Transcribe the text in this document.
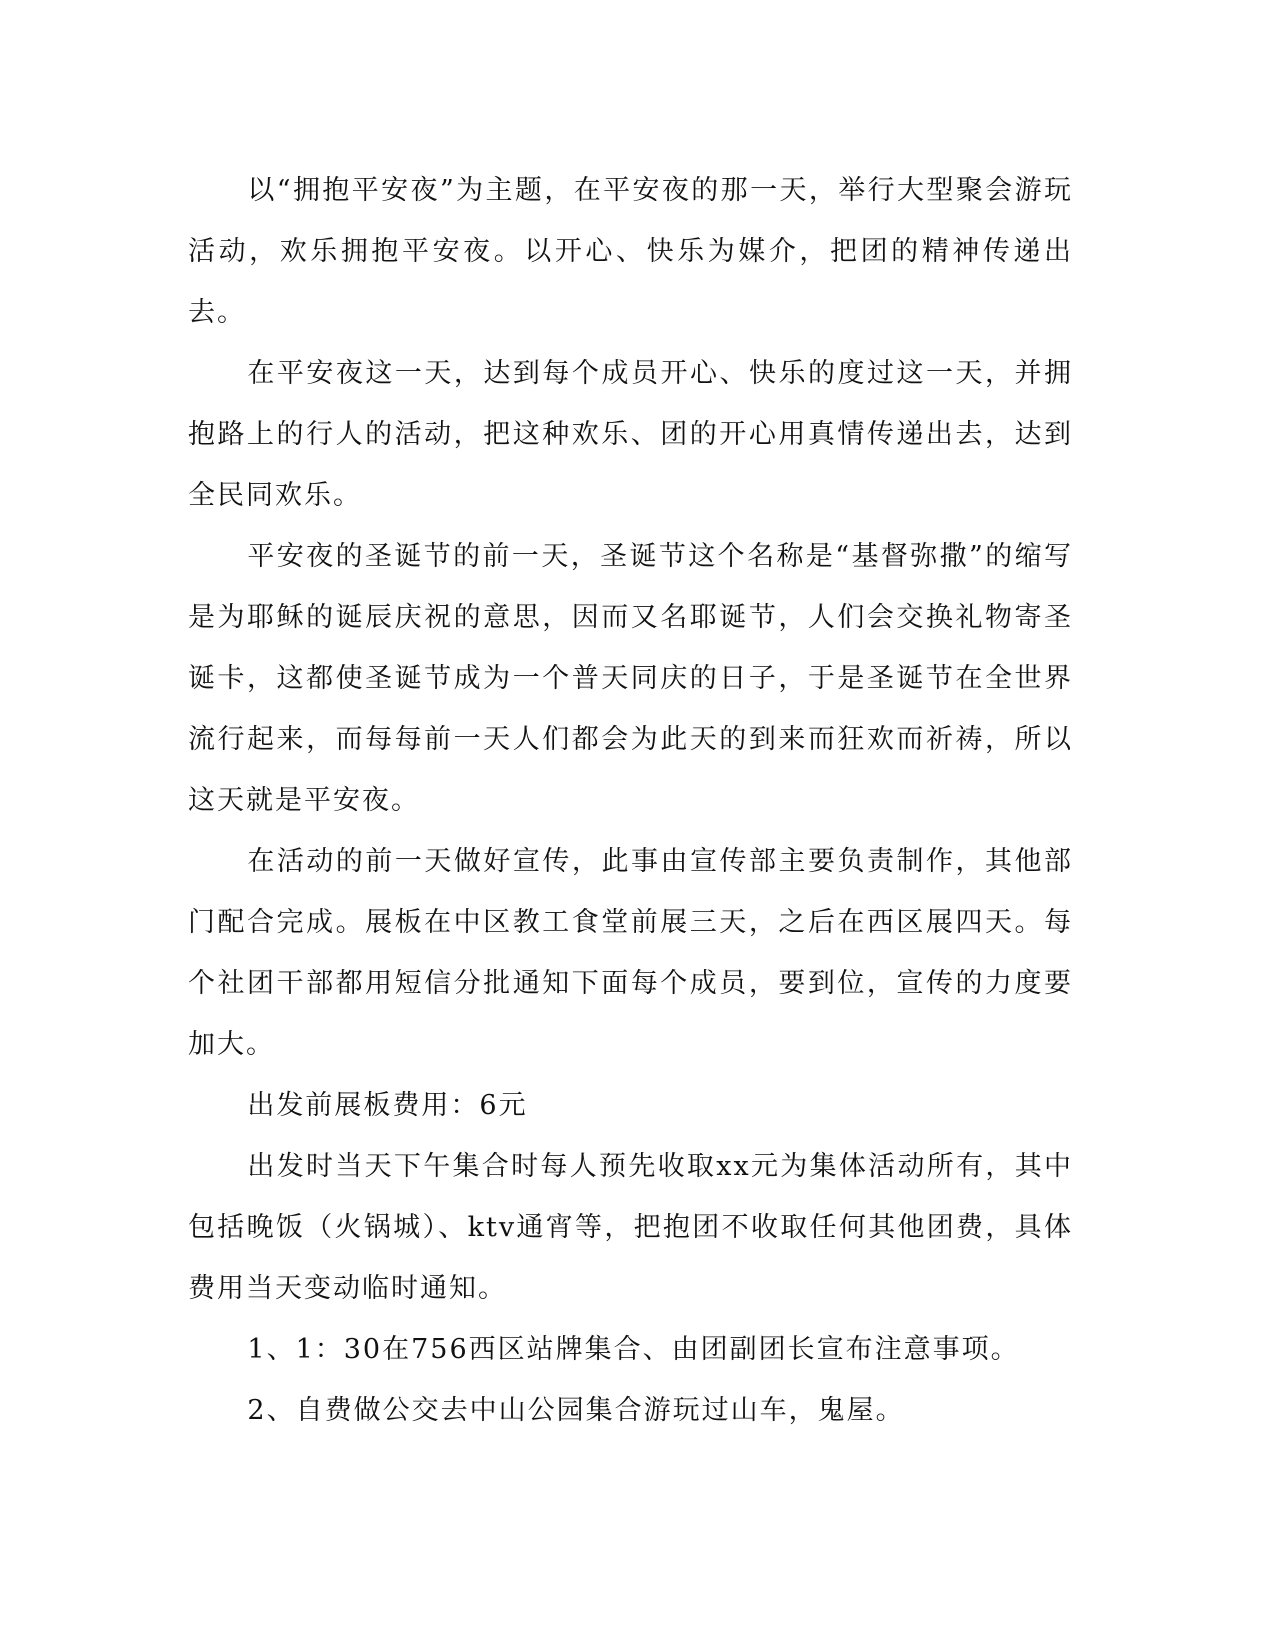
以“拥抱平安夜”为主题，在平安夜的那一天，举行大型聚会游玩活动，欢乐拥抱平安夜。以开心、快乐为媒介，把团的精神传递出去。

在平安夜这一天，达到每个成员开心、快乐的度过这一天，并拥抱路上的行人的活动，把这种欢乐、团的开心用真情传递出去，达到全民同欢乐。

平安夜的圣诞节的前一天，圣诞节这个名称是“基督弥撒”的缩写是为耶稣的诞辰庆祝的意思，因而又名耶诞节，人们会交换礼物寄圣诞卡，这都使圣诞节成为一个普天同庆的日子，于是圣诞节在全世界流行起来，而每每前一天人们都会为此天的到来而狂欢而祈祷，所以这天就是平安夜。

在活动的前一天做好宣传，此事由宣传部主要负责制作，其他部门配合完成。展板在中区教工食堂前展三天，之后在西区展四天。每个社团干部都用短信分批通知下面每个成员，要到位，宣传的力度要加大。

出发前展板费用：6元

出发时当天下午集合时每人预先收取xx元为集体活动所有，其中包括晚饭（火锅城）、ktv通宵等，把抱团不收取任何其他团费，具体费用当天变动临时通知。

1、1：30在756西区站牌集合、由团副团长宣布注意事项。

2、自费做公交去中山公园集合游玩过山车，鬼屋。
